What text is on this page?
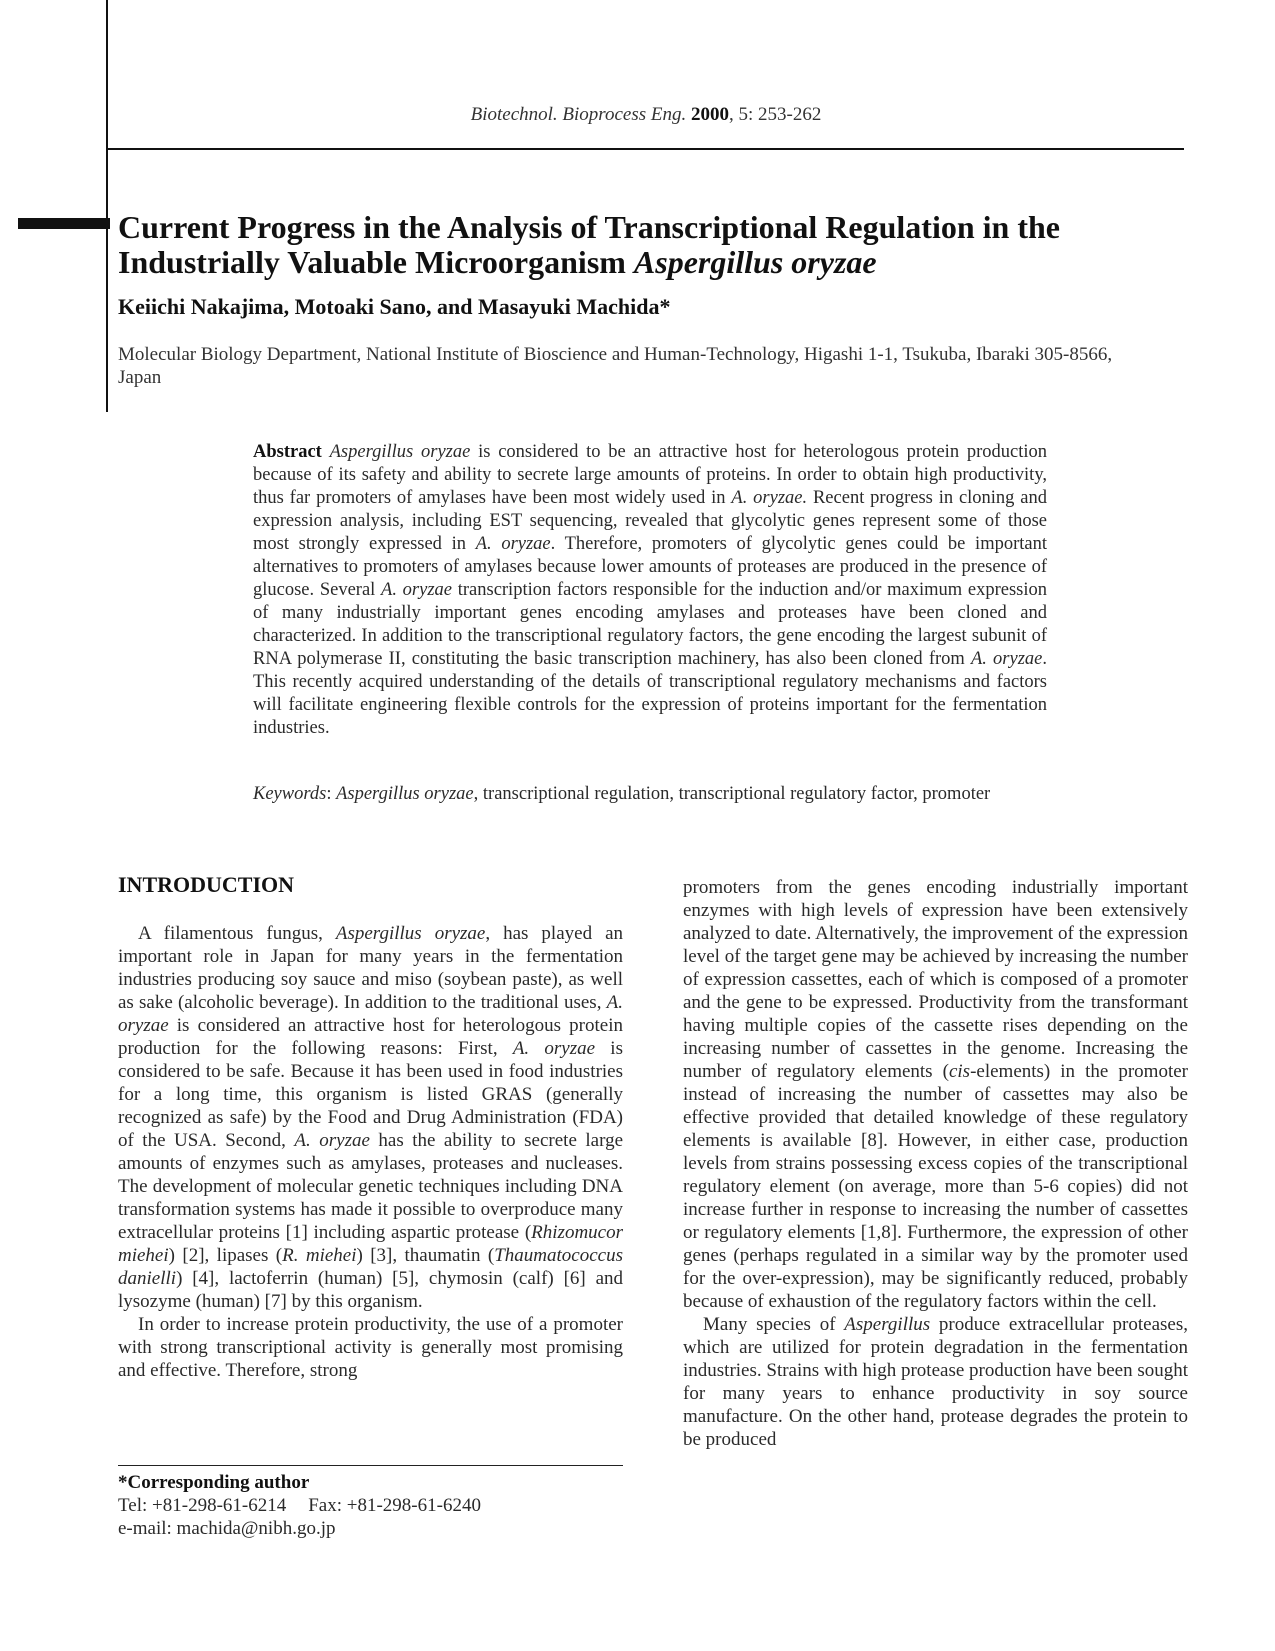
Biotechnol. Bioprocess Eng. 2000, 5: 253-262
Current Progress in the Analysis of Transcriptional Regulation in the Industrially Valuable Microorganism Aspergillus oryzae

Keiichi Nakajima, Motoaki Sano, and Masayuki Machida*

Molecular Biology Department, National Institute of Bioscience and Human-Technology, Higashi 1-1, Tsukuba, Ibaraki 305-8566, Japan

Abstract Aspergillus oryzae is considered to be an attractive host for heterologous protein production because of its safety and ability to secrete large amounts of proteins. In order to obtain high productivity, thus far promoters of amylases have been most widely used in A. oryzae. Recent progress in cloning and expression analysis, including EST sequencing, revealed that glycolytic genes represent some of those most strongly expressed in A. oryzae. Therefore, promoters of glycolytic genes could be important alternatives to promoters of amylases because lower amounts of proteases are produced in the presence of glucose. Several A. oryzae transcription factors responsible for the induction and/or maximum expression of many industrially important genes encoding amylases and proteases have been cloned and characterized. In addition to the transcriptional regulatory factors, the gene encoding the largest subunit of RNA polymerase II, constituting the basic transcription machinery, has also been cloned from A. oryzae. This recently acquired understanding of the details of transcriptional regulatory mechanisms and factors will facilitate engineering flexible controls for the expression of proteins important for the fermentation industries.

Keywords: Aspergillus oryzae, transcriptional regulation, transcriptional regulatory factor, promoter

INTRODUCTION

A filamentous fungus, Aspergillus oryzae, has played an important role in Japan for many years in the fermentation industries producing soy sauce and miso (soybean paste), as well as sake (alcoholic beverage). In addition to the traditional uses, A. oryzae is considered an attractive host for heterologous protein production for the following reasons: First, A. oryzae is considered to be safe. Because it has been used in food industries for a long time, this organism is listed GRAS (generally recognized as safe) by the Food and Drug Administration (FDA) of the USA. Second, A. oryzae has the ability to secrete large amounts of enzymes such as amylases, proteases and nucleases. The development of molecular genetic techniques including DNA transformation systems has made it possible to overproduce many extracellular proteins [1] including aspartic protease (Rhizomucor miehei) [2], lipases (R. miehei) [3], thaumatin (Thaumatococcus danielli) [4], lactoferrin (human) [5], chymosin (calf) [6] and lysozyme (human) [7] by this organism.

In order to increase protein productivity, the use of a promoter with strong transcriptional activity is generally most promising and effective. Therefore, strong

*Corresponding author
Tel: +81-298-61-6214 Fax: +81-298-61-6240
e-mail: machida@nibh.go.jp

promoters from the genes encoding industrially important enzymes with high levels of expression have been extensively analyzed to date. Alternatively, the improvement of the expression level of the target gene may be achieved by increasing the number of expression cassettes, each of which is composed of a promoter and the gene to be expressed. Productivity from the transformant having multiple copies of the cassette rises depending on the increasing number of cassettes in the genome. Increasing the number of regulatory elements (cis-elements) in the promoter instead of increasing the number of cassettes may also be effective provided that detailed knowledge of these regulatory elements is available [8]. However, in either case, production levels from strains possessing excess copies of the transcriptional regulatory element (on average, more than 5-6 copies) did not increase further in response to increasing the number of cassettes or regulatory elements [1,8]. Furthermore, the expression of other genes (perhaps regulated in a similar way by the promoter used for the over-expression), may be significantly reduced, probably because of exhaustion of the regulatory factors within the cell.

Many species of Aspergillus produce extracellular proteases, which are utilized for protein degradation in the fermentation industries. Strains with high protease production have been sought for many years to enhance productivity in soy source manufacture. On the other hand, protease degrades the protein to be produced
